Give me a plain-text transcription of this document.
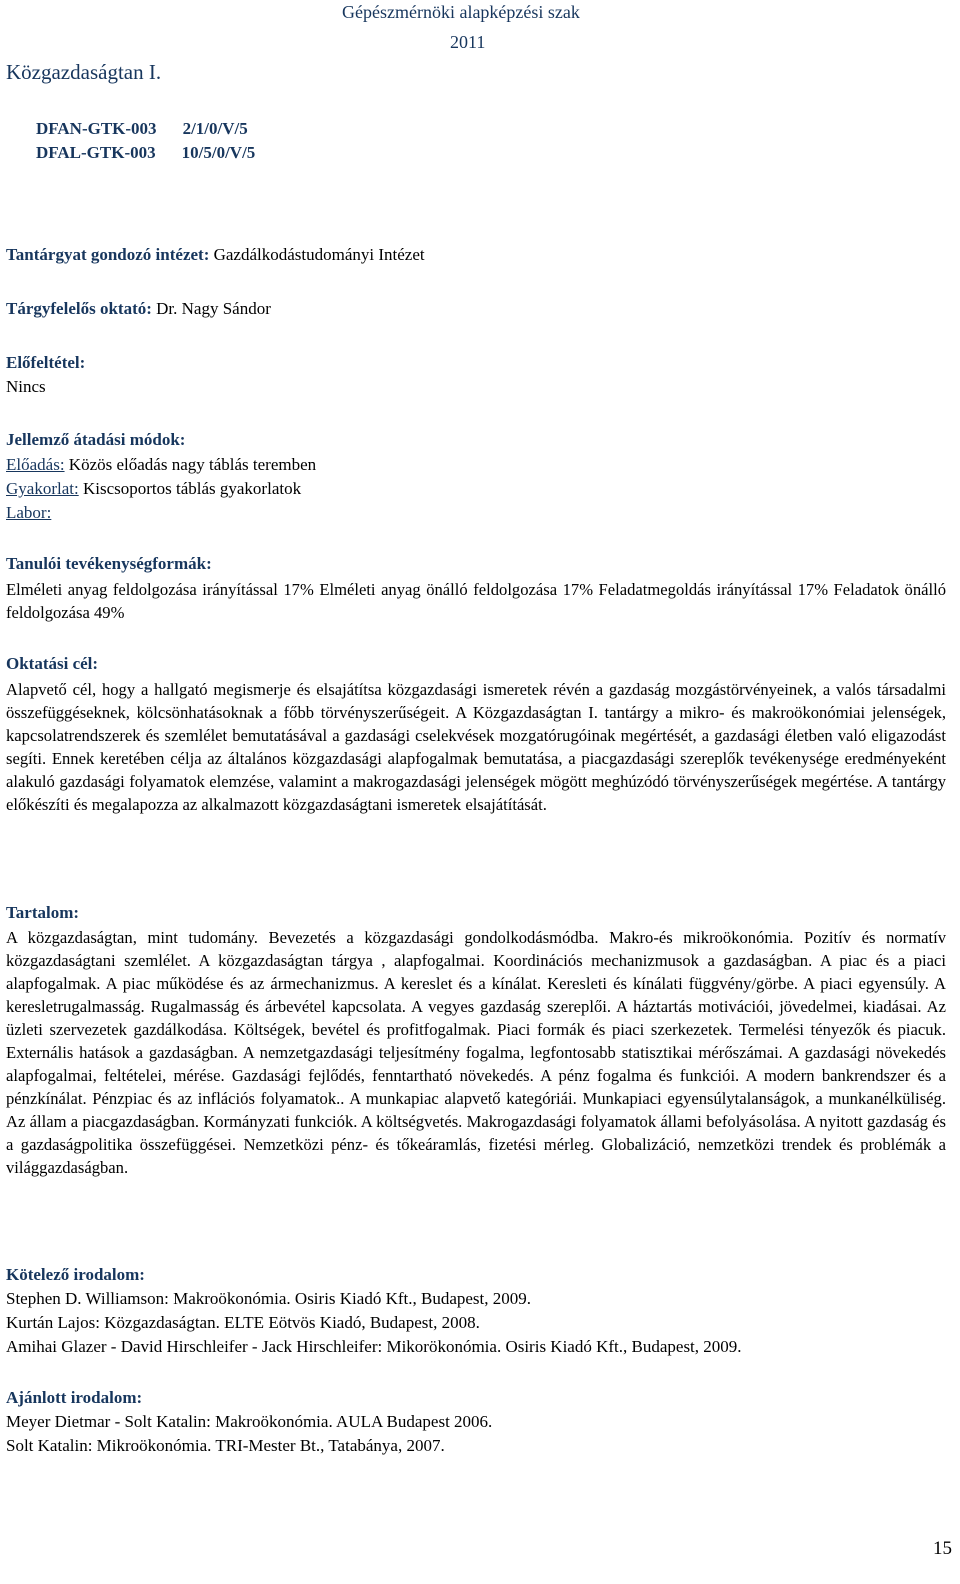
Gépészmérnöki alapképzési szak
2011
Közgazdaságtan I.
DFAN-GTK-003 2/1/0/V/5
DFAL-GTK-003 10/5/0/V/5
Tantárgyat gondozó intézet: Gazdálkodástudományi Intézet
Tárgyfelelős oktató: Dr. Nagy Sándor
Előfeltétel:
Nincs
Jellemző átadási módok:
Előadás: Közös előadás nagy táblás teremben
Gyakorlat: Kiscsoportos táblás gyakorlatok
Labor:
Tanulói tevékenységformák:
Elméleti anyag feldolgozása irányítással 17% Elméleti anyag önálló feldolgozása 17% Feladatmegoldás irányítással 17% Feladatok önálló feldolgozása 49%
Oktatási cél:
Alapvető cél, hogy a hallgató megismerje és elsajátítsa közgazdasági ismeretek révén a gazdaság mozgástörvényeinek, a valós társadalmi összefüggéseknek, kölcsönhatásoknak a főbb törvényszerűségeit. A Közgazdaságtan I. tantárgy a mikro- és makroökonómiai jelenségek, kapcsolatrendszerek és szemlélet bemutatásával a gazdasági cselekvések mozgatórugóinak megértését, a gazdasági életben való eligazodást segíti. Ennek keretében célja az általános közgazdasági alapfogalmak bemutatása, a piacgazdasági szereplők tevékenysége eredményeként alakuló gazdasági folyamatok elemzése, valamint a makrogazdasági jelenségek mögött meghúzódó törvényszerűségek megértése. A tantárgy előkészíti és megalapozza az alkalmazott közgazdaságtani ismeretek elsajátítását.
Tartalom:
A közgazdaságtan, mint tudomány. Bevezetés a közgazdasági gondolkodásmódba. Makro-és mikroökonómia. Pozitív és normatív közgazdaságtani szemlélet. A közgazdaságtan tárgya , alapfogalmai. Koordinációs mechanizmusok a gazdaságban. A piac és a piaci alapfogalmak. A piac működése és az ármechanizmus. A kereslet és a kínálat. Keresleti és kínálati függvény/görbe. A piaci egyensúly. A keresletrugalmasság. Rugalmasság és árbevétel kapcsolata. A vegyes gazdaság szereplői. A háztartás motivációi, jövedelmei, kiadásai. Az üzleti szervezetek gazdálkodása. Költségek, bevétel és profitfogalmak. Piaci formák és piaci szerkezetek. Termelési tényezők és piacuk. Externális hatások a gazdaságban. A nemzetgazdasági teljesítmény fogalma, legfontosabb statisztikai mérőszámai. A gazdasági növekedés alapfogalmai, feltételei, mérése. Gazdasági fejlődés, fenntartható növekedés. A pénz fogalma és funkciói. A modern bankrendszer és a pénzkínálat. Pénzpiac és az inflációs folyamatok.. A munkapiac alapvető kategóriái. Munkapiaci egyensúlytalanságok, a munkanélküliség. Az állam a piacgazdaságban. Kormányzati funkciók. A költségvetés. Makrogazdasági folyamatok állami befolyásolása. A nyitott gazdaság és a gazdaságpolitika összefüggései. Nemzetközi pénz- és tőkeáramlás, fizetési mérleg. Globalizáció, nemzetközi trendek és problémák a világgazdaságban.
Kötelező irodalom:
Stephen D. Williamson: Makroökonómia. Osiris Kiadó Kft., Budapest, 2009.
Kurtán Lajos: Közgazdaságtan. ELTE Eötvös Kiadó, Budapest, 2008.
Amihai Glazer - David Hirschleifer - Jack Hirschleifer: Mikorökonómia. Osiris Kiadó Kft., Budapest, 2009.
Ajánlott irodalom:
Meyer Dietmar - Solt Katalin: Makroökonómia. AULA Budapest 2006.
Solt Katalin: Mikroökonómia. TRI-Mester Bt., Tatabánya, 2007.
15
